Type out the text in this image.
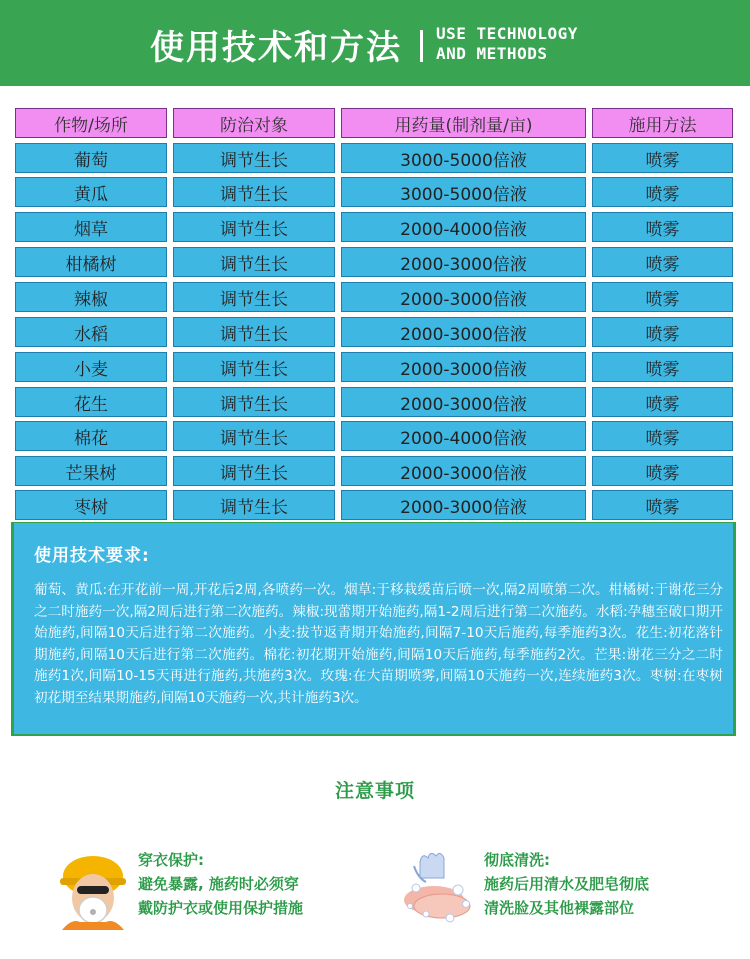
使用技术和方法 USE TECHNOLOGY
AND METHODS
作物/场所	防治对象	用药量(制剂量/亩)	施用方法
葡萄	调节生长	3000-5000倍液	喷雾
黄瓜	调节生长	3000-5000倍液	喷雾
烟草	调节生长	2000-4000倍液	喷雾
柑橘树	调节生长	2000-3000倍液	喷雾
辣椒	调节生长	2000-3000倍液	喷雾
水稻	调节生长	2000-3000倍液	喷雾
小麦	调节生长	2000-3000倍液	喷雾
花生	调节生长	2000-3000倍液	喷雾
棉花	调节生长	2000-4000倍液	喷雾
芒果树	调节生长	2000-3000倍液	喷雾
枣树	调节生长	2000-3000倍液	喷雾
使用技术要求:
葡萄、黄瓜:在开花前一周,开花后2周,各喷药一次。烟草:于移栽缓苗后喷一次,隔2周喷第二次。柑橘树:于谢花三分之二时施药一次,隔2周后进行第二次施药。辣椒:现蕾期开始施药,隔1-2周后进行第二次施药。水稻:孕穗至破口期开始施药,间隔10天后进行第二次施药。小麦:拔节返青期开始施药,间隔7-10天后施药,每季施药3次。花生:初花落针期施药,间隔10天后进行第二次施药。棉花:初花期开始施药,间隔10天后施药,每季施药2次。芒果:谢花三分之二时施药1次,间隔10-15天再进行施药,共施药3次。玫瑰:在大苗期喷雾,间隔10天施药一次,连续施药3次。枣树:在枣树初花期至结果期施药,间隔10天施药一次,共计施药3次。
注意事项
穿衣保护:
避免暴露, 施药时必须穿
戴防护衣或使用保护措施
彻底清洗:
施药后用清水及肥皂彻底
清洗脸及其他裸露部位
